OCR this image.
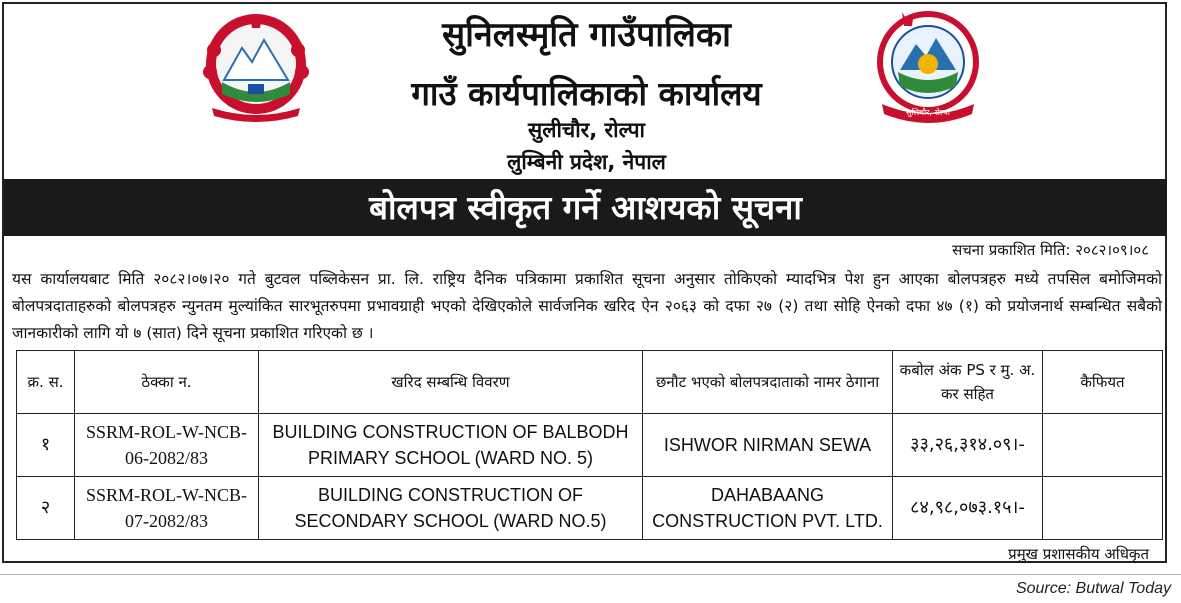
सुनिलस्मृति गाउँपालिका
गाउँ कार्यपालिकाको कार्यालय
सुलीचौर, रोल्पा
लुम्बिनी प्रदेश, नेपाल
सुलिचौर, रोल्पा
बोलपत्र स्वीकृत गर्ने आशयको सूचना
सचना प्रकाशित मिति: २०८२।०९।०८
यस कार्यालयबाट मिति २०८२।०७।२० गते बुटवल पब्लिकेसन प्रा. लि. राष्ट्रिय दैनिक पत्रिकामा प्रकाशित सूचना अनुसार तोकिएको म्यादभित्र पेश हुन आएका बोलपत्रहरु मध्ये तपसिल बमोजिमको बोलपत्रदाताहरुको बोलपत्रहरु न्युनतम मुल्यांकित सारभूतरुपमा प्रभावग्राही भएको देखिएकोले सार्वजनिक खरिद ऐन २०६३ को दफा २७ (२) तथा सोहि ऐनको दफा ४७ (१) को प्रयोजनार्थ सम्बन्धित सबैको जानकारीको लागि यो ७ (सात) दिने सूचना प्रकाशित गरिएको छ ।
क्र. स.	ठेक्का न.	खरिद सम्बन्धि विवरण	छनौट भएको बोलपत्रदाताको नामर ठेगाना	कबोल अंक PS र मु. अ. कर सहित	कैफियत
१	SSRM-ROL-W-NCB-06-2082/83	BUILDING CONSTRUCTION OF BALBODH PRIMARY SCHOOL (WARD NO. 5)	ISHWOR NIRMAN SEWA	३३,२६,३१४.०९।-	
२	SSRM-ROL-W-NCB-07-2082/83	BUILDING CONSTRUCTION OF SECONDARY SCHOOL (WARD NO.5)	DAHABAANG CONSTRUCTION PVT. LTD.	८४,९८,०७३.१५।-	
प्रमुख प्रशासकीय अधिकृत
Source: Butwal Today
